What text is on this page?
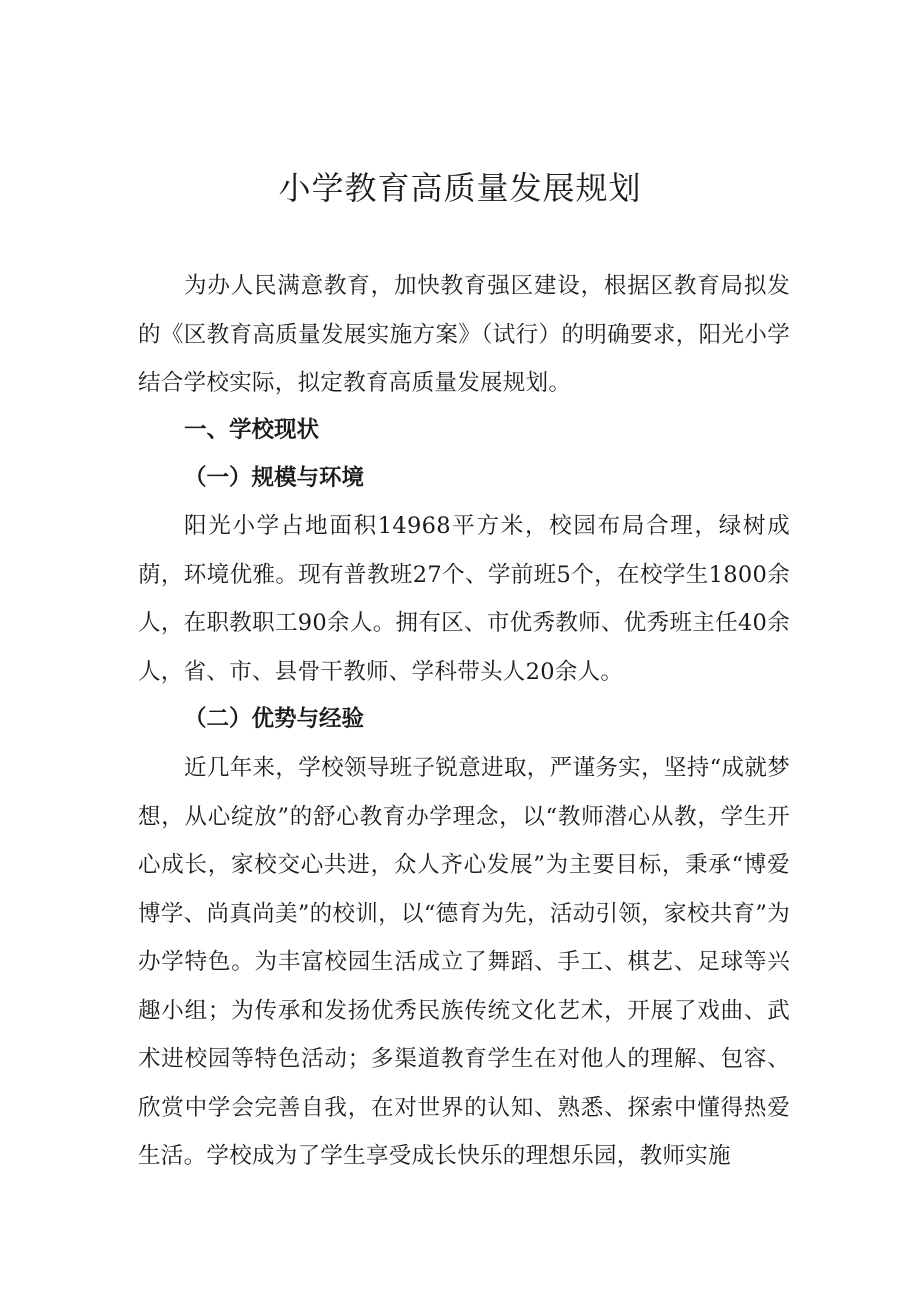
小学教育高质量发展规划

为办人民满意教育，加快教育强区建设，根据区教育局拟发的《区教育高质量发展实施方案》（试行）的明确要求，阳光小学结合学校实际，拟定教育高质量发展规划。

一、学校现状

（一）规模与环境

阳光小学占地面积14968平方米，校园布局合理，绿树成荫，环境优雅。现有普教班27个、学前班5个，在校学生1800余人，在职教职工90余人。拥有区、市优秀教师、优秀班主任40余人，省、市、县骨干教师、学科带头人20余人。

（二）优势与经验

近几年来，学校领导班子锐意进取，严谨务实，坚持“成就梦想，从心绽放”的舒心教育办学理念，以“教师潜心从教，学生开心成长，家校交心共进，众人齐心发展”为主要目标，秉承“博爱博学、尚真尚美”的校训，以“德育为先，活动引领，家校共育”为办学特色。为丰富校园生活成立了舞蹈、手工、棋艺、足球等兴趣小组；为传承和发扬优秀民族传统文化艺术，开展了戏曲、武术进校园等特色活动；多渠道教育学生在对他人的理解、包容、欣赏中学会完善自我，在对世界的认知、熟悉、探索中懂得热爱生活。学校成为了学生享受成长快乐的理想乐园，教师实施
